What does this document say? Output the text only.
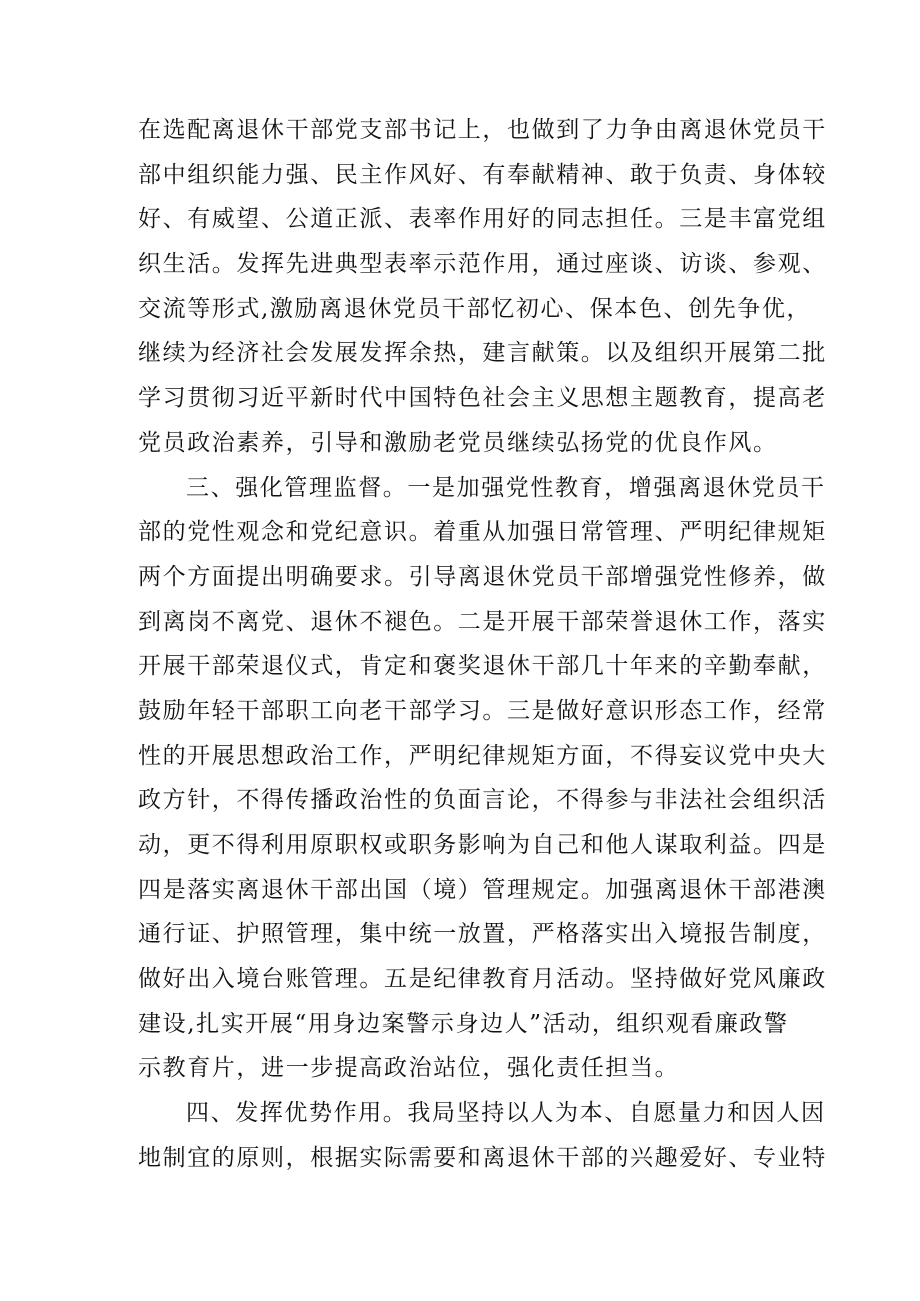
在选配离退休干部党支部书记上，也做到了力争由离退休党员干
部中组织能力强、民主作风好、有奉献精神、敢于负责、身体较
好、有威望、公道正派、表率作用好的同志担任。三是丰富党组
织生活。发挥先进典型表率示范作用，通过座谈、访谈、参观、
交流等形式,激励离退休党员干部忆初心、保本色、创先争优，
继续为经济社会发展发挥余热，建言献策。以及组织开展第二批
学习贯彻习近平新时代中国特色社会主义思想主题教育，提高老
党员政治素养，引导和激励老党员继续弘扬党的优良作风。
三、强化管理监督。一是加强党性教育，增强离退休党员干
部的党性观念和党纪意识。着重从加强日常管理、严明纪律规矩
两个方面提出明确要求。引导离退休党员干部增强党性修养，做
到离岗不离党、退休不褪色。二是开展干部荣誉退休工作，落实
开展干部荣退仪式，肯定和褒奖退休干部几十年来的辛勤奉献，
鼓励年轻干部职工向老干部学习。三是做好意识形态工作，经常
性的开展思想政治工作，严明纪律规矩方面，不得妄议党中央大
政方针，不得传播政治性的负面言论，不得参与非法社会组织活
动，更不得利用原职权或职务影响为自己和他人谋取利益。四是
四是落实离退休干部出国（境）管理规定。加强离退休干部港澳
通行证、护照管理，集中统一放置，严格落实出入境报告制度，
做好出入境台账管理。五是纪律教育月活动。坚持做好党风廉政
建设,扎实开展“用身边案警示身边人”活动，组织观看廉政警
示教育片，进一步提高政治站位，强化责任担当。
四、发挥优势作用。我局坚持以人为本、自愿量力和因人因
地制宜的原则，根据实际需要和离退休干部的兴趣爱好、专业特
